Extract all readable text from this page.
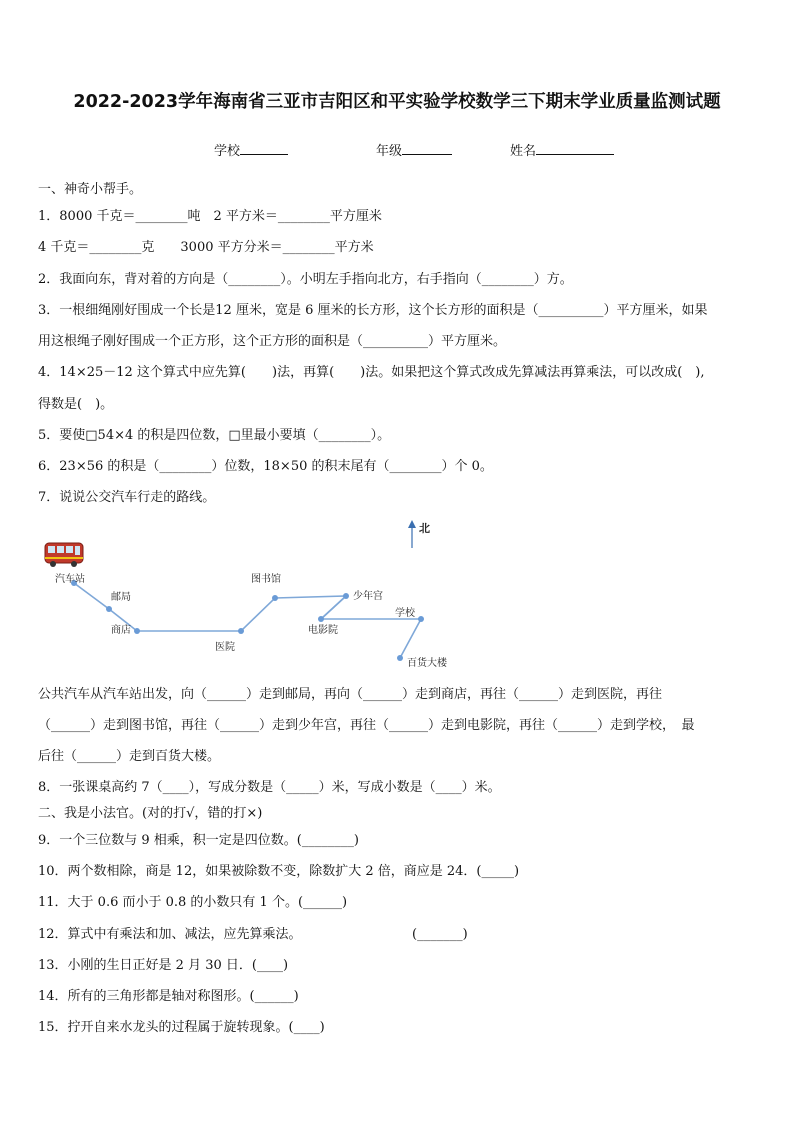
2022-2023学年海南省三亚市吉阳区和平实验学校数学三下期末学业质量监测试题
学校	年级	姓名
一、神奇小帮手。
1．8000 千克＝________吨　2 平方米＝________平方厘米
4 千克＝________克　　3000 平方分米＝________平方米
2．我面向东，背对着的方向是（________）。小明左手指向北方，右手指向（________）方。
3．一根细绳刚好围成一个长是12 厘米，宽是 6 厘米的长方形，这个长方形的面积是（__________）平方厘米，如果
用这根绳子刚好围成一个正方形，这个正方形的面积是（__________）平方厘米。
4．14×25－12 这个算式中应先算(　　)法，再算(　　)法。如果把这个算式改成先算减法再算乘法，可以改成(　),
得数是(　)。
5．要使□54×4 的积是四位数，□里最小要填（________）。
6．23×56 的积是（________）位数，18×50 的积末尾有（________）个 0。
7．说说公交汽车行走的路线。
北
汽车站
邮局
商店
医院
图书馆
少年宫
电影院
学校
百货大楼
公共汽车从汽车站出发，向（______）走到邮局，再向（______）走到商店，再往（______）走到医院，再往
（______）走到图书馆，再往（______）走到少年宫，再往（______）走到电影院，再往（______）走到学校，　最
后往（______）走到百货大楼。
8．一张课桌高约 7（____），写成分数是（_____）米，写成小数是（____）米。
二、我是小法官。(对的打√，错的打×)
9．一个三位数与 9 相乘，积一定是四位数。(________)
10．两个数相除，商是 12，如果被除数不变，除数扩大 2 倍，商应是 24．(_____)
11．大于 0.6 而小于 0.8 的小数只有 1 个。(______)
12．算式中有乘法和加、减法，应先算乘法。　　　　　　　　　(_______)
13．小刚的生日正好是 2 月 30 日．(____)
14．所有的三角形都是轴对称图形。(______)
15．拧开自来水龙头的过程属于旋转现象。(____)
